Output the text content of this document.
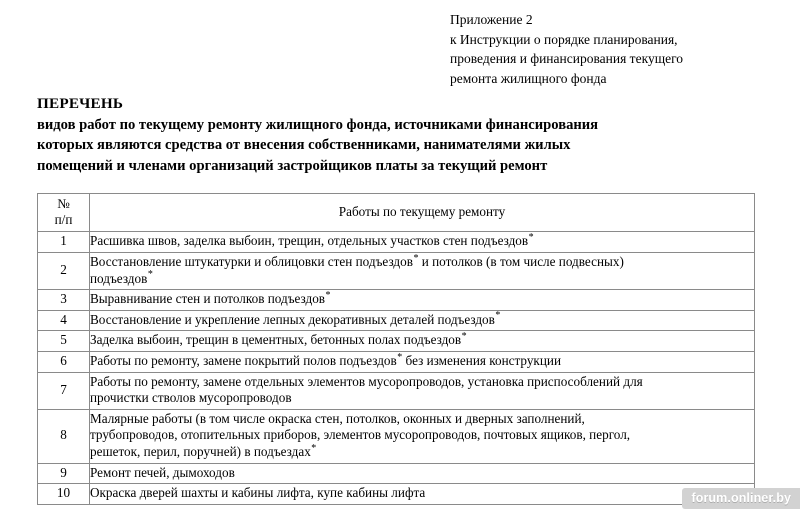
Приложение 2
к Инструкции о порядке планирования,
проведения и финансирования текущего
ремонта жилищного фонда
ПЕРЕЧЕНЬ
видов работ по текущему ремонту жилищного фонда, источниками финансирования
которых являются средства от внесения собственниками, нанимателями жилых
помещений и членами организаций застройщиков платы за текущий ремонт
№
п/п	Работы по текущему ремонту
1	Расшивка швов, заделка выбоин, трещин, отдельных участков стен подъездов*

2	Восстановление штукатурки и облицовки стен подъездов* и потолков (в том числе подвесных)
подъездов*

3	Выравнивание стен и потолков подъездов*

4	Восстановление и укрепление лепных декоративных деталей подъездов*

5	Заделка выбоин, трещин в цементных, бетонных полах подъездов*

6	Работы по ремонту, замене покрытий полов подъездов* без изменения конструкции

7	Работы по ремонту, замене отдельных элементов мусоропроводов, установка приспособлений для
прочистки стволов мусоропроводов

8	Малярные работы (в том числе окраска стен, потолков, оконных и дверных заполнений,
трубопроводов, отопительных приборов, элементов мусоропроводов, почтовых ящиков, пергол,
решеток, перил, поручней) в подъездах*

9	Ремонт печей, дымоходов

10	Окраска дверей шахты и кабины лифта, купе кабины лифта	forum.onliner.by
